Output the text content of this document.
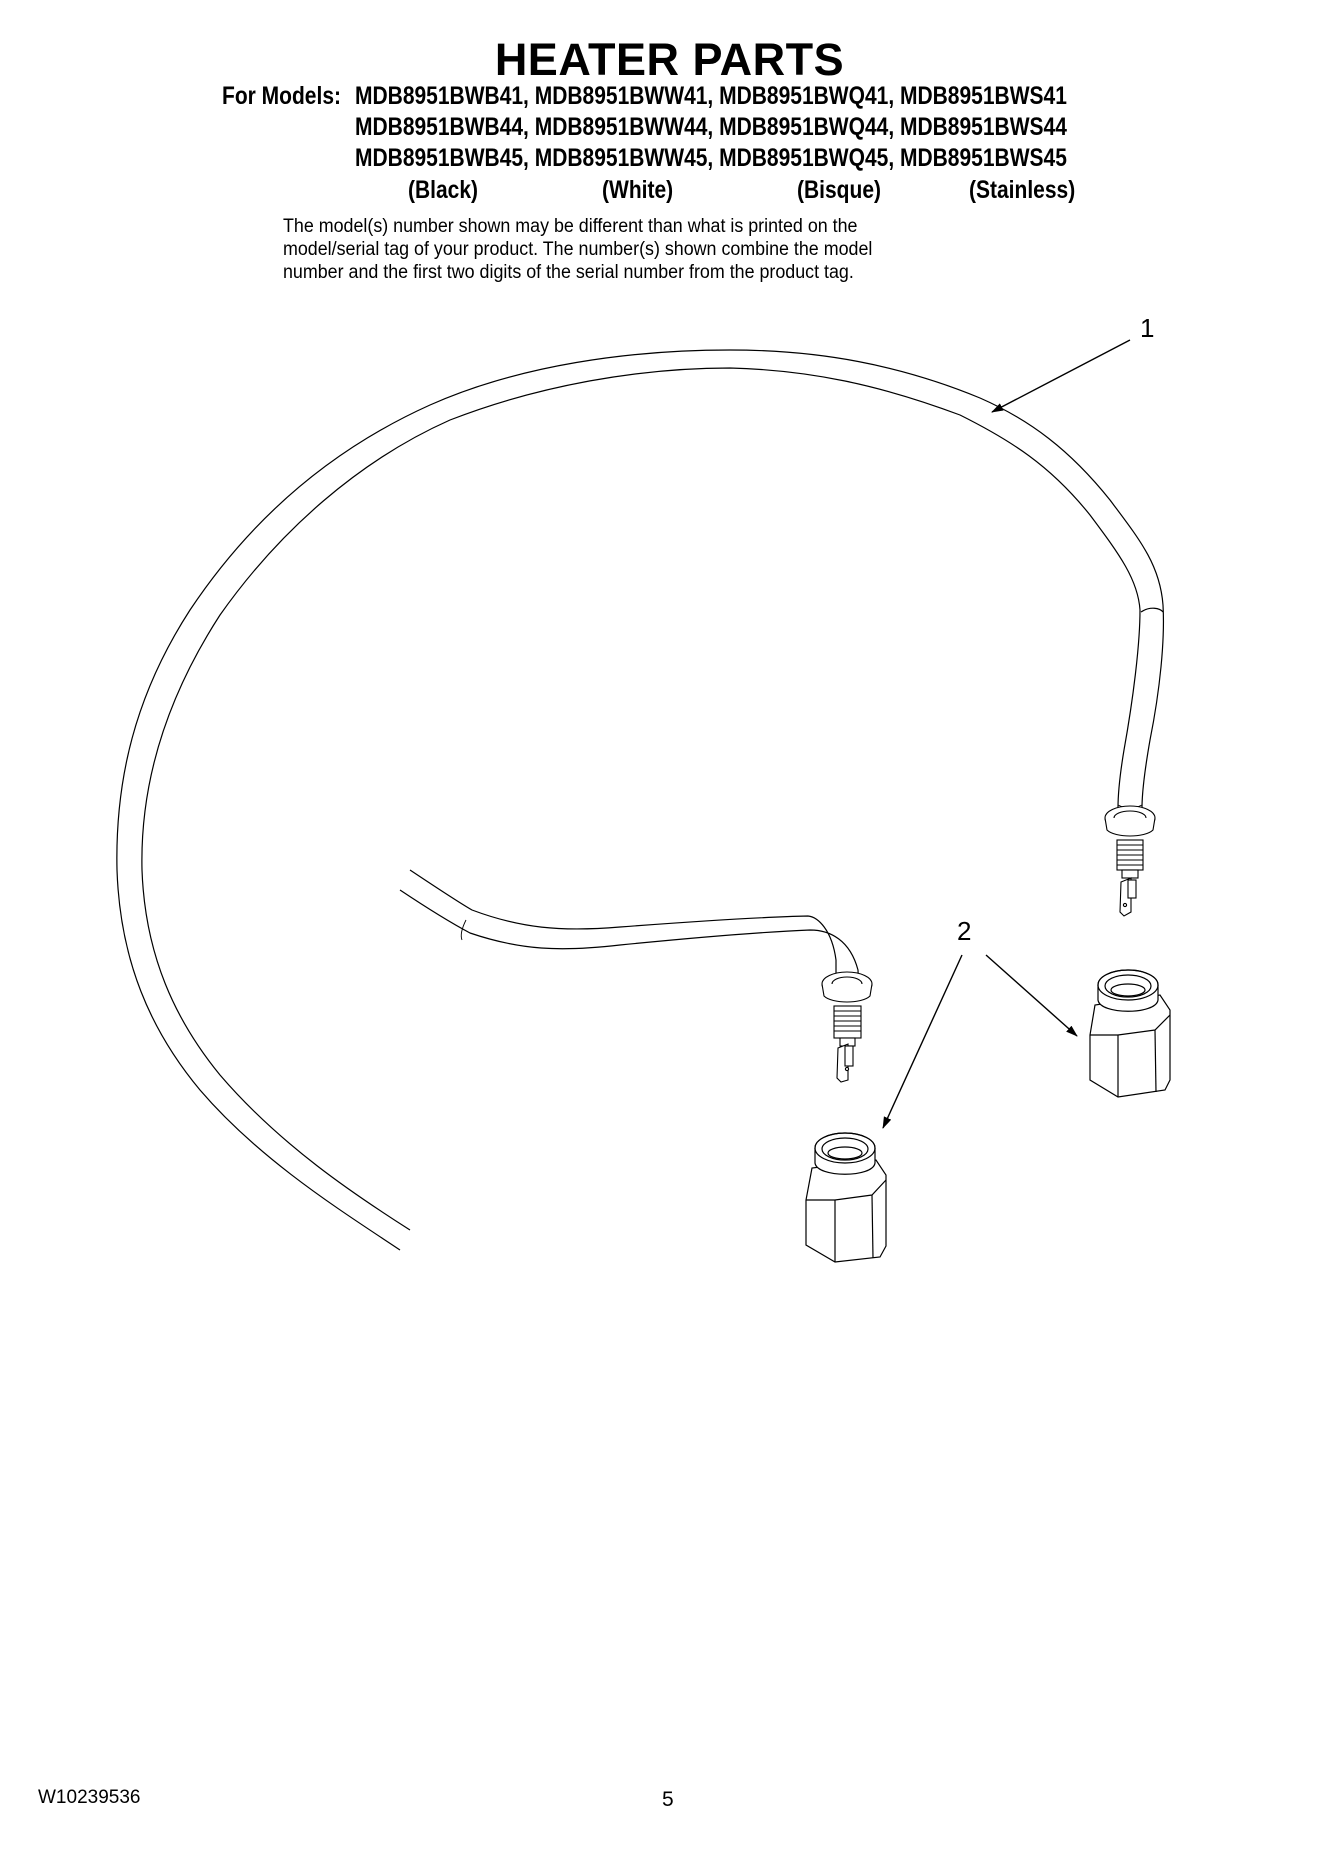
HEATER PARTS
For Models: MDB8951BWB41, MDB8951BWW41, MDB8951BWQ41, MDB8951BWS41
MDB8951BWB44, MDB8951BWW44, MDB8951BWQ44, MDB8951BWS44
MDB8951BWB45, MDB8951BWW45, MDB8951BWQ45, MDB8951BWS45
(Black)	(White)	(Bisque)	(Stainless)
The model(s) number shown may be different than what is printed on the
model/serial tag of your product. The number(s) shown combine the model
number and the first two digits of the serial number from the product tag.
1
2
W10239536	5
